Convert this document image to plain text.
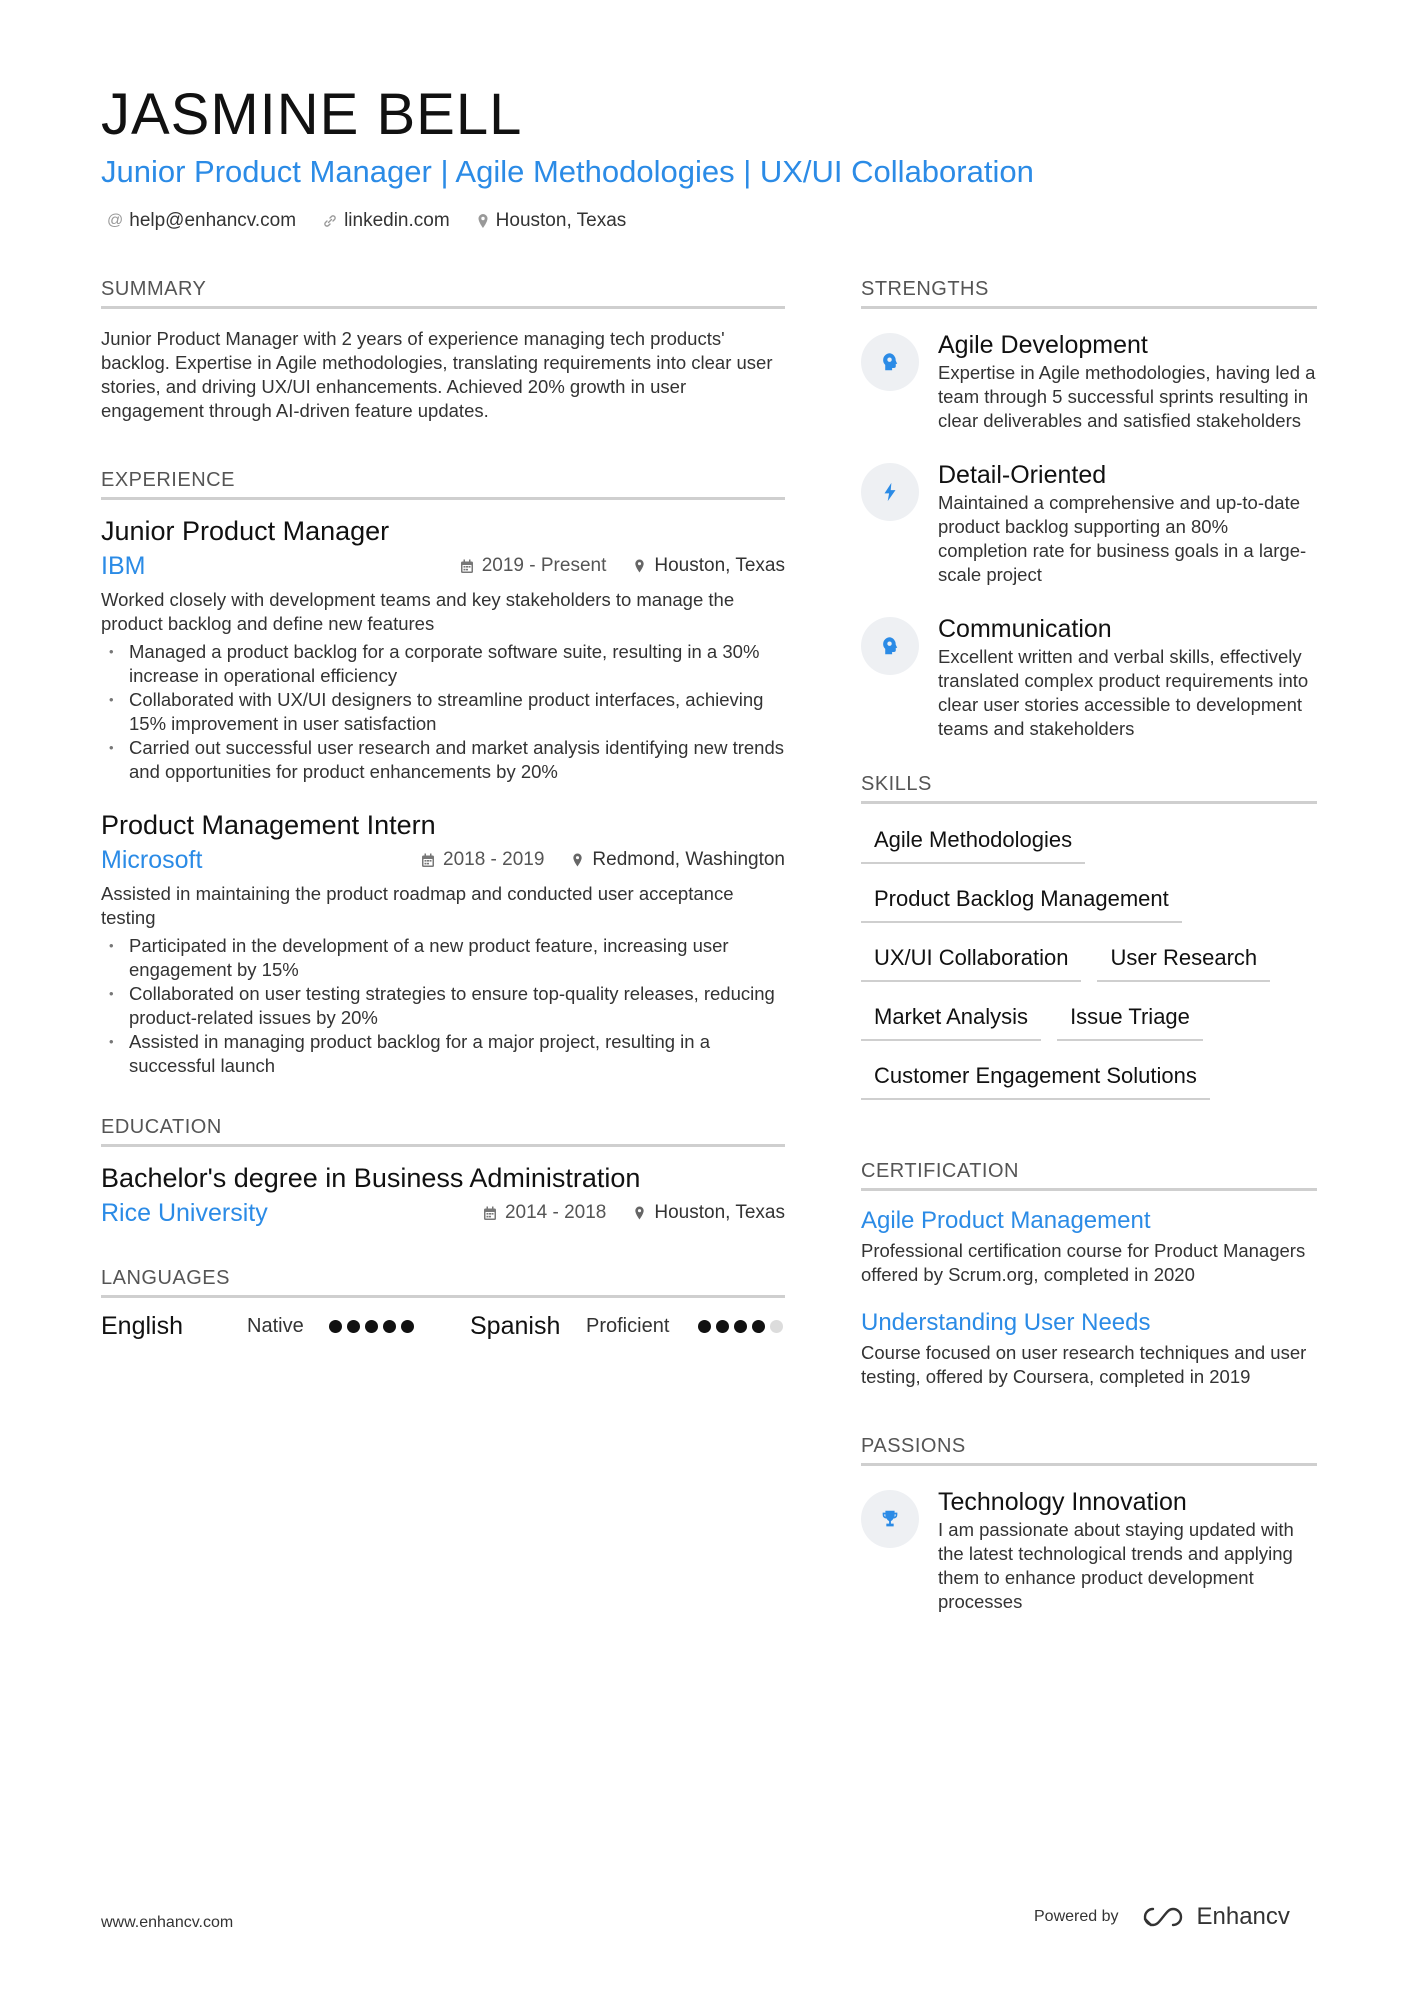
JASMINE BELL
Junior Product Manager | Agile Methodologies | UX/UI Collaboration
@ help@enhancv.com	linkedin.com Houston, Texas
SUMMARY

Junior Product Manager with 2 years of experience managing tech products' backlog. Expertise in Agile methodologies, translating requirements into clear user stories, and driving UX/UI enhancements. Achieved 20% growth in user engagement through AI-driven feature updates.

EXPERIENCE
Junior Product Manager
IBM	2019 - Present	Houston, Texas

Worked closely with development teams and key stakeholders to manage the product backlog and define new features

• Managed a product backlog for a corporate software suite, resulting in a 30% increase in operational efficiency
• Collaborated with UX/UI designers to streamline product interfaces, achieving 15% improvement in user satisfaction
• Carried out successful user research and market analysis identifying new trends and opportunities for product enhancements by 20%
Product Management Intern
Microsoft	2018 - 2019	Redmond, Washington

Assisted in maintaining the product roadmap and conducted user acceptance testing

• Participated in the development of a new product feature, increasing user engagement by 15%
• Collaborated on user testing strategies to ensure top-quality releases, reducing product-related issues by 20%
• Assisted in managing product backlog for a major project, resulting in a successful launch
EDUCATION
Bachelor's degree in Business Administration
Rice University	2014 - 2018	Houston, Texas
LANGUAGES
English	Native	Spanish	Proficient
STRENGTHS
Agile Development

Expertise in Agile methodologies, having led a team through 5 successful sprints resulting in clear deliverables and satisfied stakeholders

Detail-Oriented

Maintained a comprehensive and up-to-date product backlog supporting an 80% completion rate for business goals in a large-scale project

Communication

Excellent written and verbal skills, effectively translated complex product requirements into clear user stories accessible to development teams and stakeholders

SKILLS
Agile Methodologies
Product Backlog Management
UX/UI Collaboration	User Research
Market Analysis	Issue Triage
Customer Engagement Solutions
CERTIFICATION
Agile Product Management

Professional certification course for Product Managers offered by Scrum.org, completed in 2020

Understanding User Needs

Course focused on user research techniques and user testing, offered by Coursera, completed in 2019

PASSIONS
Technology Innovation

I am passionate about staying updated with the latest technological trends and applying them to enhance product development processes

www.enhancv.com	Powered by	Enhancv
